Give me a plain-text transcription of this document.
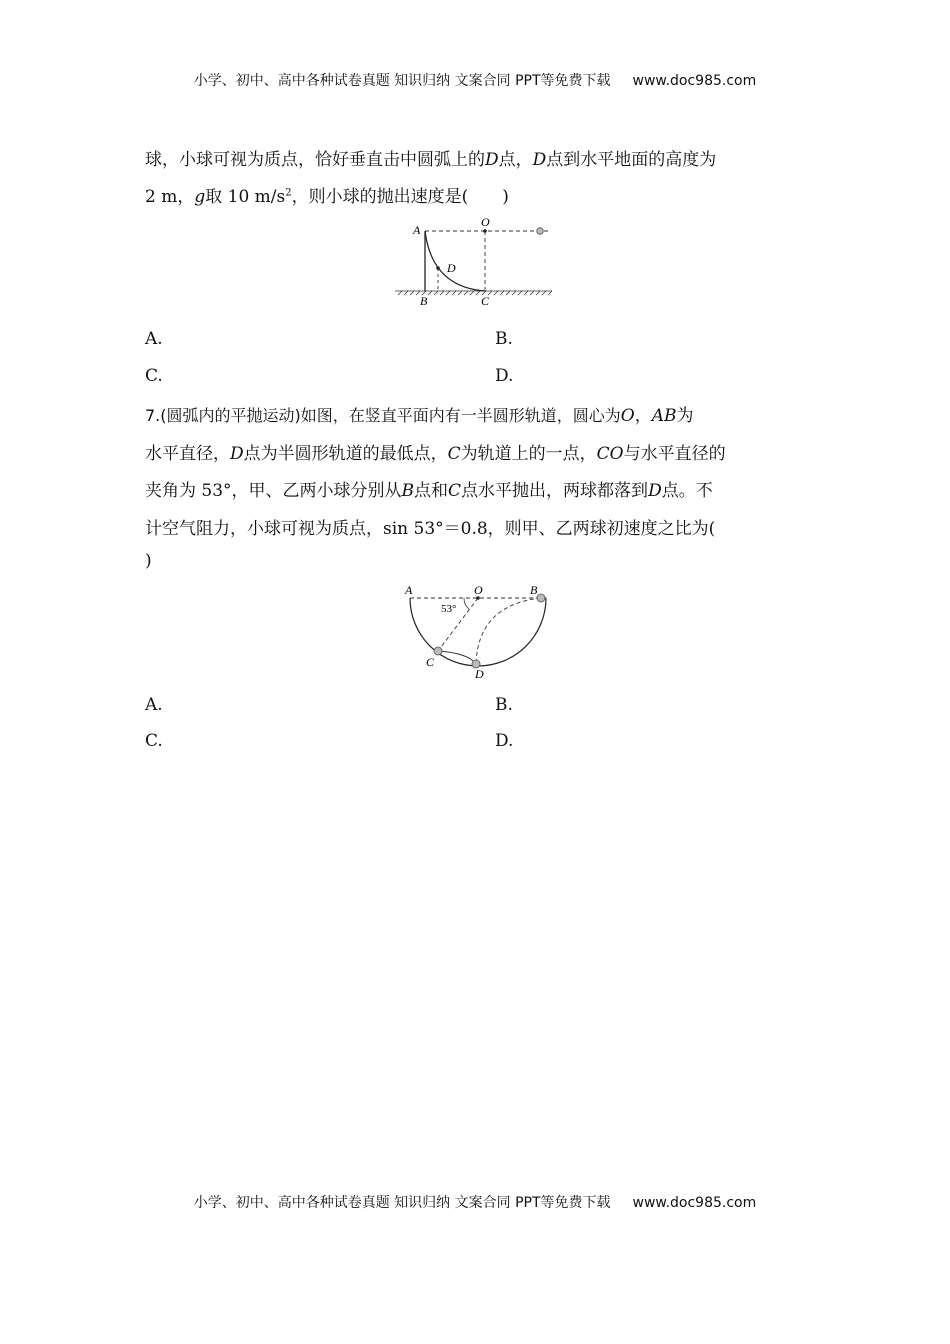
小学、初中、高中各种试卷真题 知识归纳 文案合同 PPT等免费下载 www.doc985.com
球，小球可视为质点，恰好垂直击中圆弧上的D点，D点到水平地面的高度为
2 m，g取 10 $m/s^2$，则小球的抛出速度是(　　)
A
O
D
B	C
A.	B.
C.	D.
7.(圆弧内的平抛运动)如图，在竖直平面内有一半圆形轨道，圆心为O，AB为
水平直径，D点为半圆形轨道的最低点，C为轨道上的一点，CO与水平直径的
夹角为 53°，甲、乙两小球分别从B点和C点水平抛出，两球都落到D点。不
计空气阻力，小球可视为质点，sin 53°＝0.8，则甲、乙两球初速度之比为(
)
A	O	B
C
D
53°
A.	B.
C.	D.
小学、初中、高中各种试卷真题 知识归纳 文案合同 PPT等免费下载 www.doc985.com
